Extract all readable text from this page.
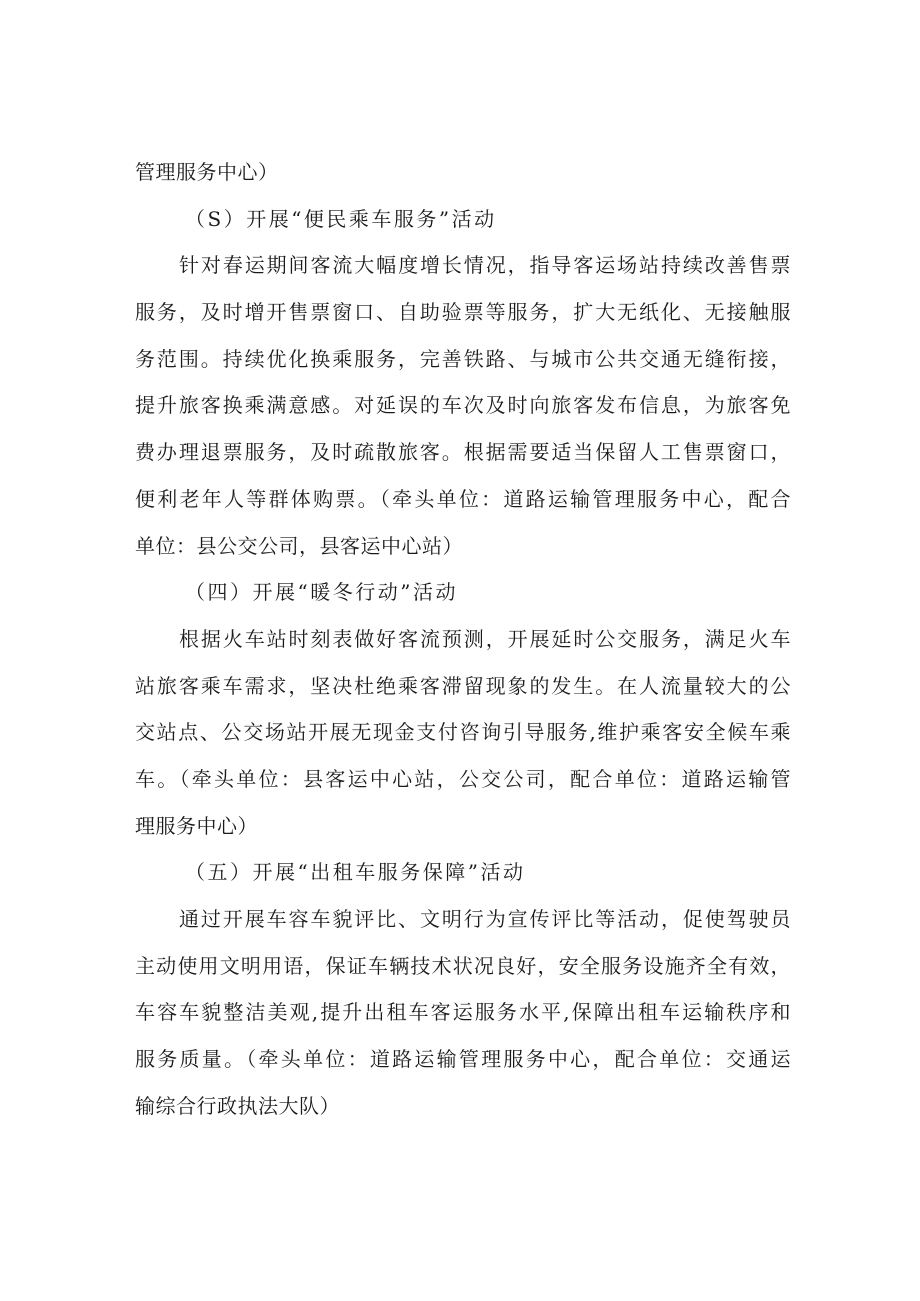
管理服务中心）
（S）开展“便民乘车服务”活动
针对春运期间客流大幅度增长情况，指导客运场站持续改善售票
服务，及时增开售票窗口、自助验票等服务，扩大无纸化、无接触服
务范围。持续优化换乘服务，完善铁路、与城市公共交通无缝衔接，
提升旅客换乘满意感。对延误的车次及时向旅客发布信息，为旅客免
费办理退票服务，及时疏散旅客。根据需要适当保留人工售票窗口，
便利老年人等群体购票。（牵头单位：道路运输管理服务中心，配合
单位：县公交公司，县客运中心站）
（四）开展“暖冬行动”活动
根据火车站时刻表做好客流预测，开展延时公交服务，满足火车
站旅客乘车需求，坚决杜绝乘客滞留现象的发生。在人流量较大的公
交站点、公交场站开展无现金支付咨询引导服务,维护乘客安全候车乘
车。（牵头单位：县客运中心站，公交公司，配合单位：道路运输管
理服务中心）
（五）开展“出租车服务保障”活动
通过开展车容车貌评比、文明行为宣传评比等活动，促使驾驶员
主动使用文明用语，保证车辆技术状况良好，安全服务设施齐全有效，
车容车貌整洁美观,提升出租车客运服务水平,保障出租车运输秩序和
服务质量。（牵头单位：道路运输管理服务中心，配合单位：交通运
输综合行政执法大队）
